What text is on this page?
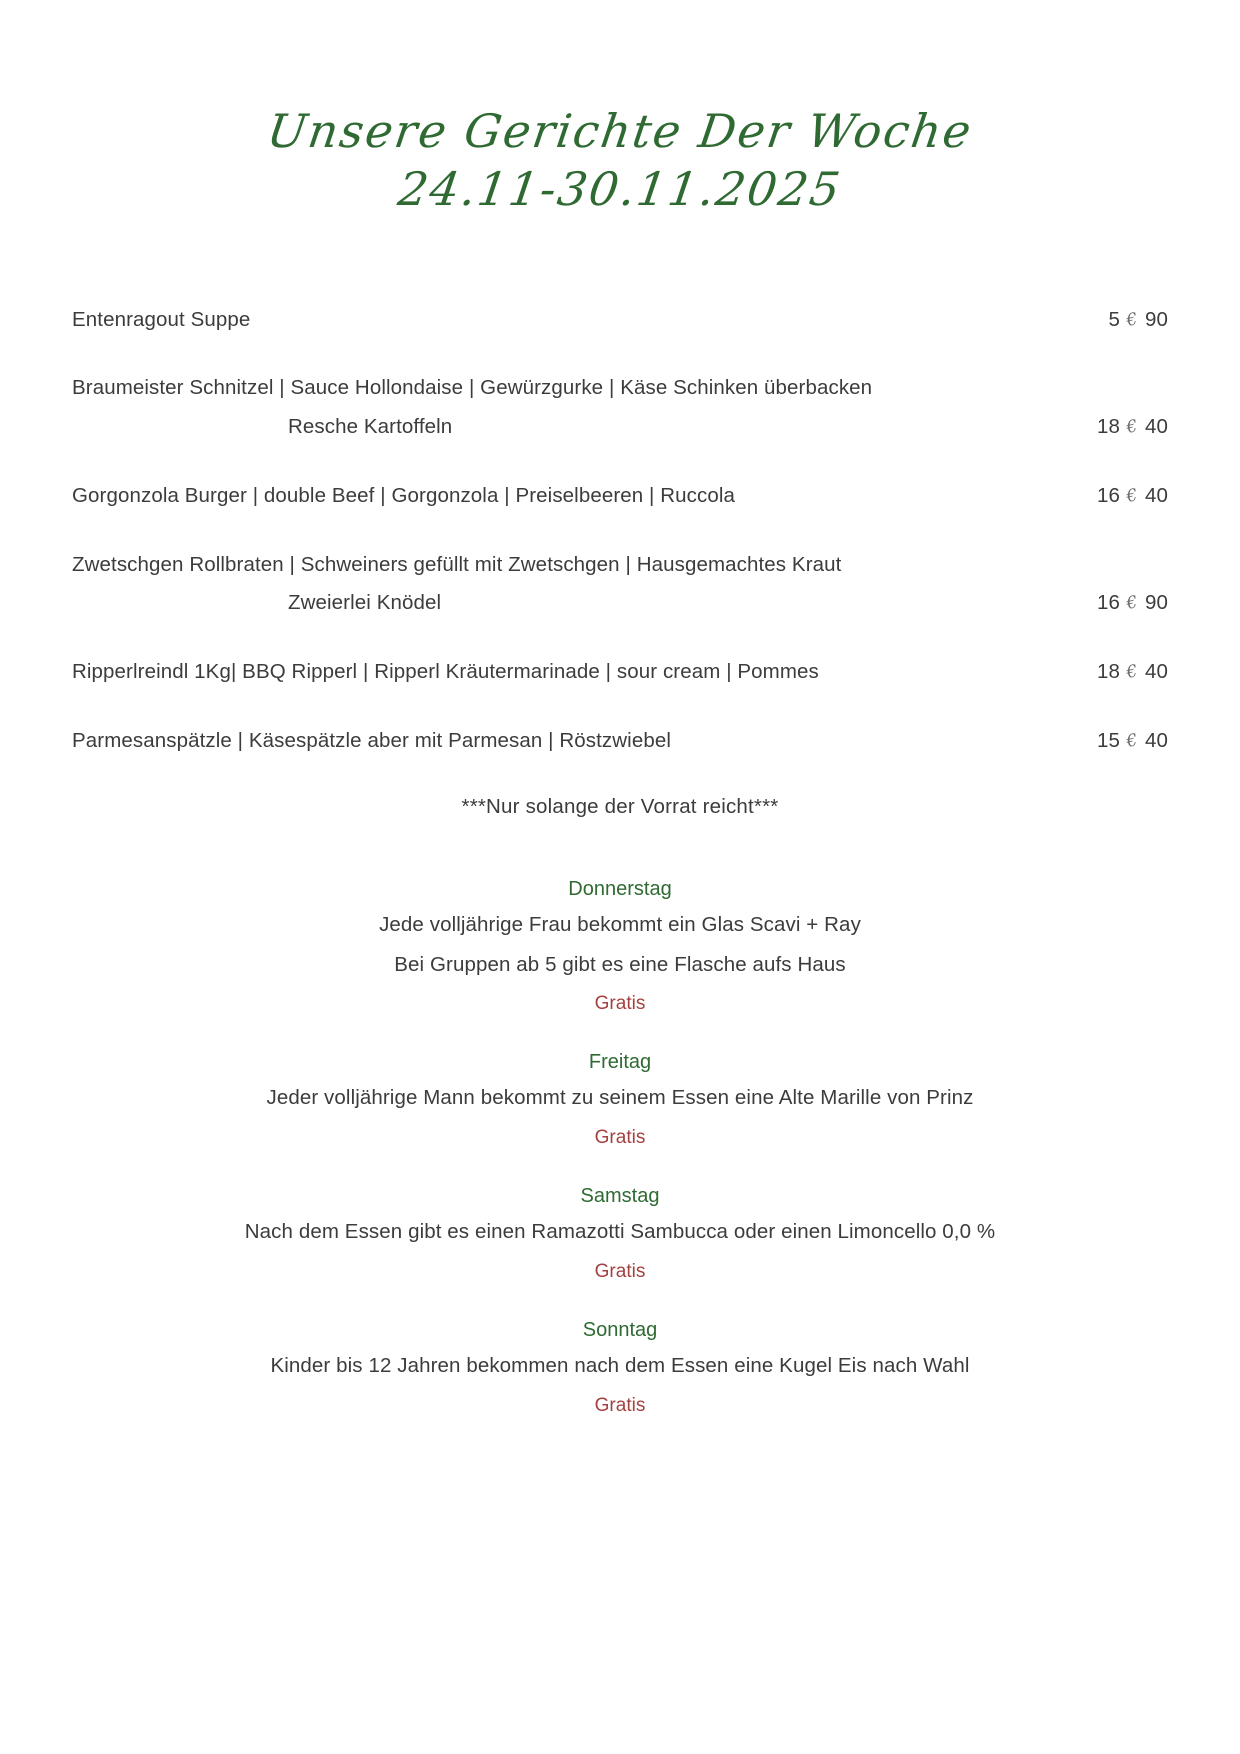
Unsere Gerichte Der Woche
24.11-30.11.2025
Entenragout Suppe	5 € 90
Braumeister Schnitzel | Sauce Hollondaise | Gewürzgurke | Käse Schinken überbacken
Resche Kartoffeln	18 € 40
Gorgonzola Burger | double Beef | Gorgonzola | Preiselbeeren | Ruccola	16 € 40
Zwetschgen Rollbraten | Schweiners gefüllt mit Zwetschgen | Hausgemachtes Kraut
Zweierlei Knödel	16 € 90
Ripperlreindl 1Kg| BBQ Ripperl | Ripperl Kräutermarinade | sour cream | Pommes	18 € 40
Parmesanspätzle | Käsespätzle aber mit Parmesan | Röstzwiebel	15 € 40
***Nur solange der Vorrat reicht***
Donnerstag
Jede volljährige Frau bekommt ein Glas Scavi + Ray
Bei Gruppen ab 5 gibt es eine Flasche aufs Haus
Gratis
Freitag
Jeder volljährige Mann bekommt zu seinem Essen eine Alte Marille von Prinz
Gratis
Samstag
Nach dem Essen gibt es einen Ramazotti Sambucca oder einen Limoncello 0,0 %
Gratis
Sonntag
Kinder bis 12 Jahren bekommen nach dem Essen eine Kugel Eis nach Wahl
Gratis
